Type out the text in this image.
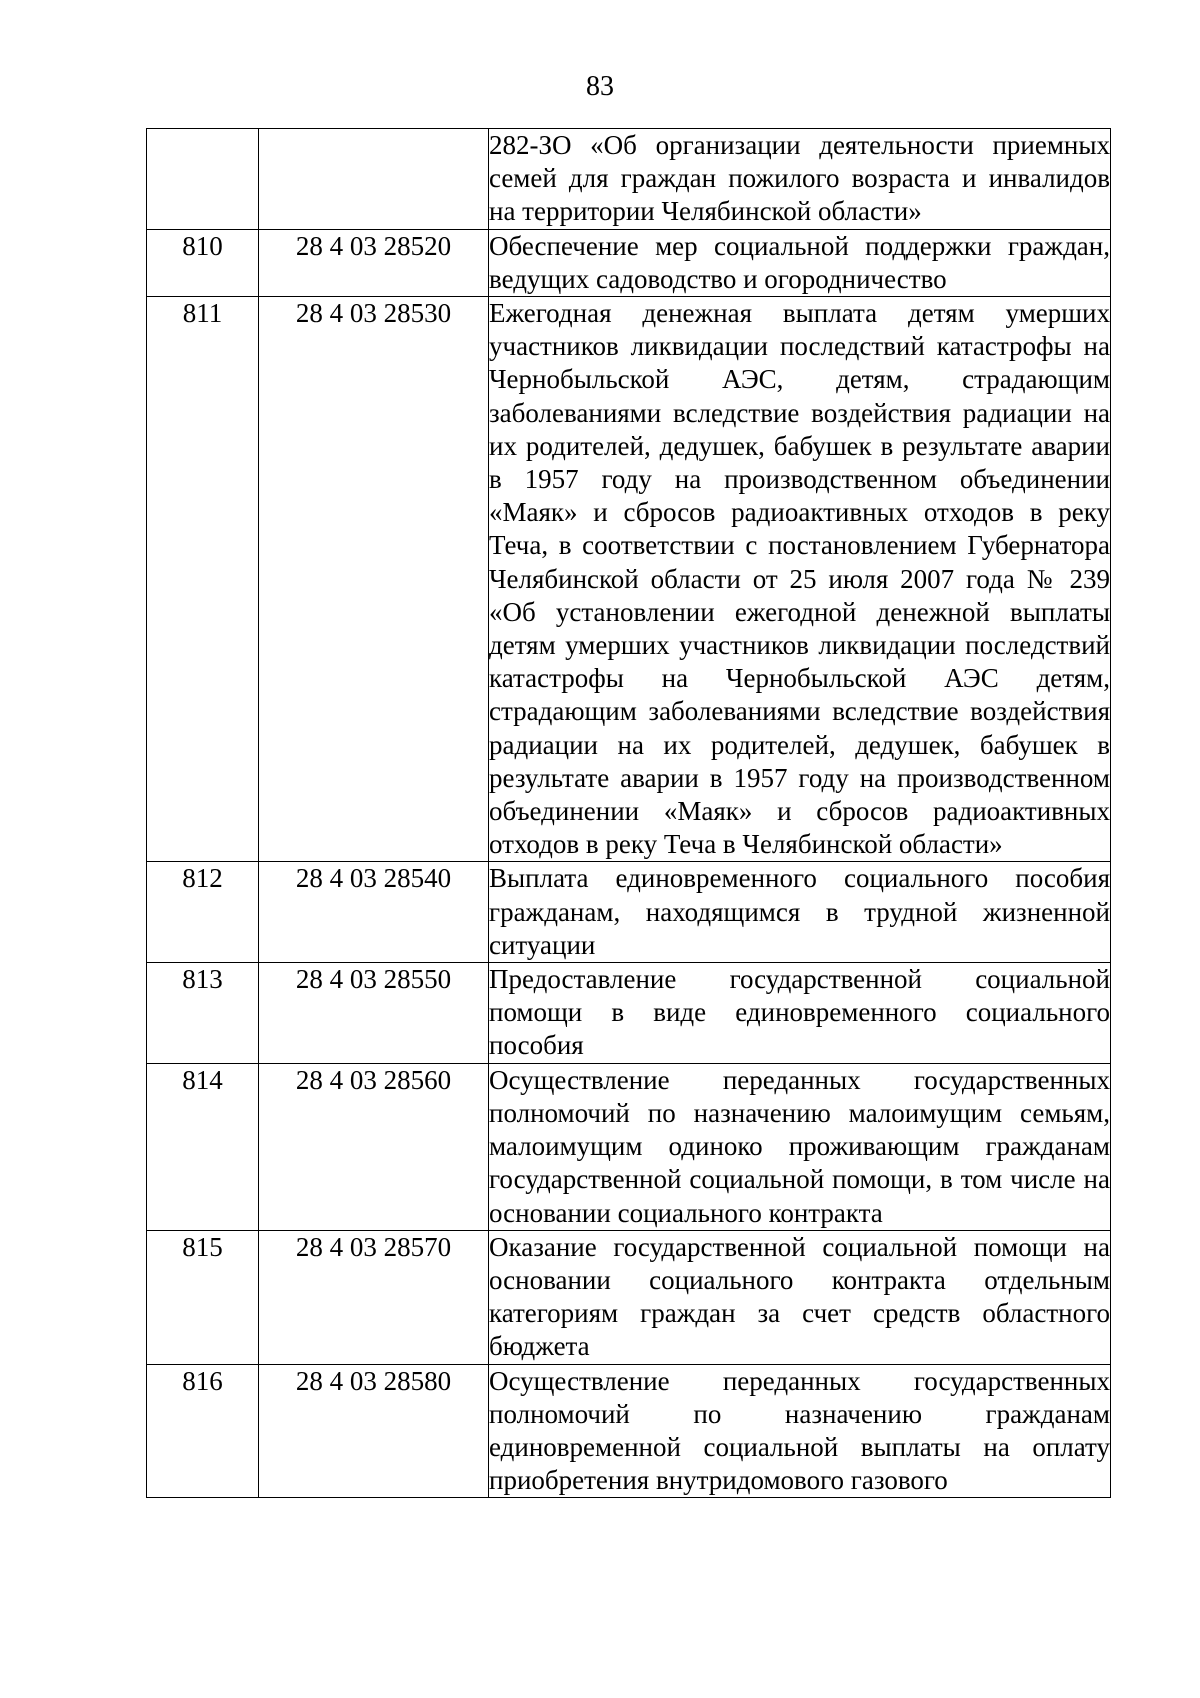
83
		282-ЗО «Об организации деятельности приемных семей для граждан пожилого возраста и инвалидов на территории Челябинской области»
810	28 4 03 28520	Обеспечение мер социальной поддержки граждан, ведущих садоводство и огородничество
811	28 4 03 28530	Ежегодная денежная выплата детям умерших участников ликвидации последствий катастрофы на Чернобыльской АЭС, детям, страдающим заболеваниями вследствие воздействия радиации на их родителей, дедушек, бабушек в результате аварии в 1957 году на производственном объединении «Маяк» и сбросов радиоактивных отходов в реку Теча, в соответствии с постановлением Губернатора Челябинской области от 25 июля 2007 года № 239 «Об установлении ежегодной денежной выплаты детям умерших участников ликвидации последствий катастрофы на Чернобыльской АЭС детям, страдающим заболеваниями вследствие воздействия радиации на их родителей, дедушек, бабушек в результате аварии в 1957 году на производственном объединении «Маяк» и сбросов радиоактивных отходов в реку Теча в Челябинской области»
812	28 4 03 28540	Выплата единовременного социального пособия гражданам, находящимся в трудной жизненной ситуации
813	28 4 03 28550	Предоставление государственной социальной помощи в виде единовременного социального пособия
814	28 4 03 28560	Осуществление переданных государственных полномочий по назначению малоимущим семьям, малоимущим одиноко проживающим гражданам государственной социальной помощи, в том числе на основании социального контракта
815	28 4 03 28570	Оказание государственной социальной помощи на основании социального контракта отдельным категориям граждан за счет средств областного бюджета
816	28 4 03 28580	Осуществление переданных государственных полномочий по назначению гражданам единовременной социальной выплаты на оплату приобретения внутридомового газового
